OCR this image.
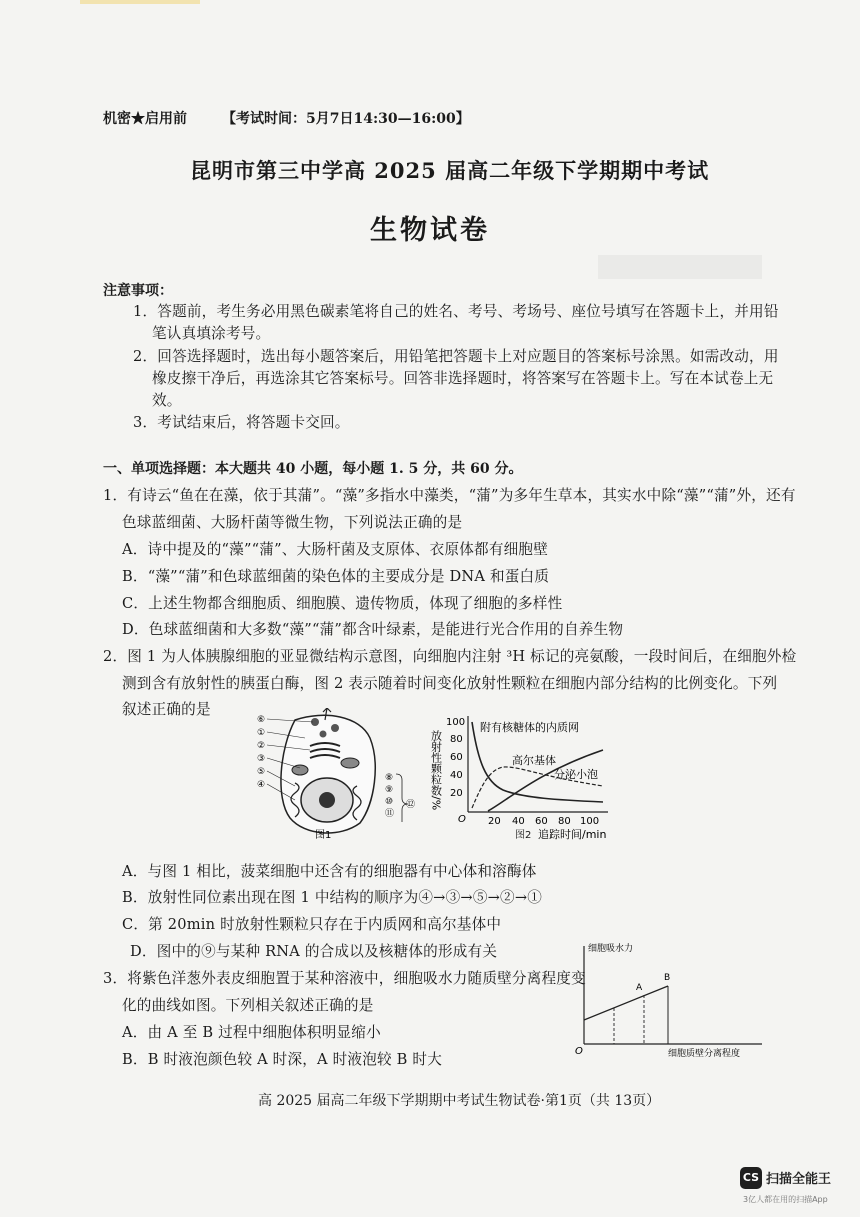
机密★启用前	【考试时间：5月7日14:30—16:00】
昆明市第三中学高 2025 届高二年级下学期期中考试
生物试卷
注意事项：
1．答题前，考生务必用黑色碳素笔将自己的姓名、考号、考场号、座位号填写在答题卡上，并用铅
笔认真填涂考号。
2．回答选择题时，选出每小题答案后，用铅笔把答题卡上对应题目的答案标号涂黑。如需改动，用
橡皮擦干净后，再选涂其它答案标号。回答非选择题时，将答案写在答题卡上。写在本试卷上无
效。
3．考试结束后，将答题卡交回。
一、单项选择题：本大题共 40 小题，每小题 1. 5 分，共 60 分。
1．有诗云“鱼在在藻，依于其蒲”。“藻”多指水中藻类，“蒲”为多年生草本，其实水中除“藻”“蒲”外，还有
色球蓝细菌、大肠杆菌等微生物，下列说法正确的是
A．诗中提及的“藻”“蒲”、大肠杆菌及支原体、衣原体都有细胞壁
B．“藻”“蒲”和色球蓝细菌的染色体的主要成分是 DNA 和蛋白质
C．上述生物都含细胞质、细胞膜、遗传物质，体现了细胞的多样性
D．色球蓝细菌和大多数“藻”“蒲”都含叶绿素，是能进行光合作用的自养生物
2．图 1 为人体胰腺细胞的亚显微结构示意图，向细胞内注射 ³H 标记的亮氨酸，一段时间后，在细胞外检
测到含有放射性的胰蛋白酶，图 2 表示随着时间变化放射性颗粒在细胞内部分结构的比例变化。下列
叙述正确的是
⑥
①
②
③
⑤
④
⑧
⑨
⑩
⑪
⑫
图1
放射性颗粒数/%
100
80
60
40
20
O 20 40 60 80 100
追踪时间/min
附有核糖体的内质网
高尔基体
分泌小泡
图2
A．与图 1 相比，菠菜细胞中还含有的细胞器有中心体和溶酶体
B．放射性同位素出现在图 1 中结构的顺序为④→③→⑤→②→①
C．第 20min 时放射性颗粒只存在于内质网和高尔基体中
D．图中的⑨与某种 RNA 的合成以及核糖体的形成有关
3．将紫色洋葱外表皮细胞置于某种溶液中，细胞吸水力随质壁分离程度变
化的曲线如图。下列相关叙述正确的是
A．由 A 至 B 过程中细胞体积明显缩小
B．B 时液泡颜色较 A 时深，A 时液泡较 B 时大
细胞吸水力
A
B
O	细胞质壁分离程度
高 2025 届高二年级下学期期中考试生物试卷·第1页（共 13页）
CS 扫描全能王
3亿人都在用的扫描App
